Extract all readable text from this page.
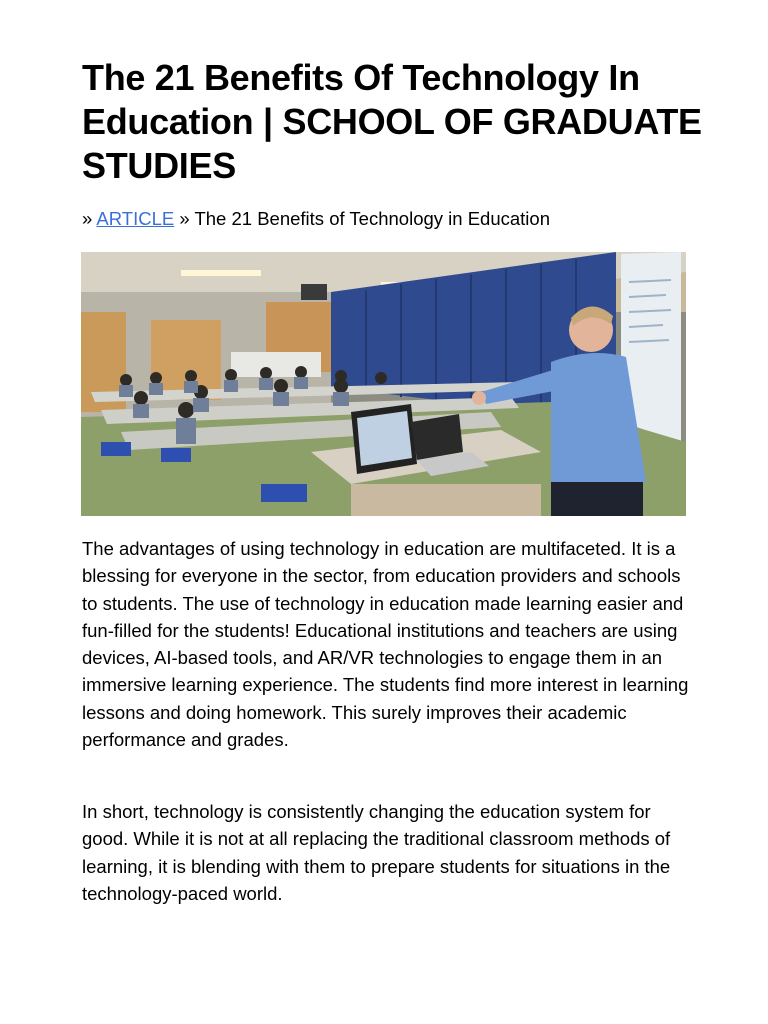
The 21 Benefits Of Technology In Education | SCHOOL OF GRADUATE STUDIES
» ARTICLE » The 21 Benefits of Technology in Education

The advantages of using technology in education are multifaceted. It is a blessing for everyone in the sector, from education providers and schools to students. The use of technology in education made learning easier and fun-filled for the students! Educational institutions and teachers are using devices, AI-based tools, and AR/VR technologies to engage them in an immersive learning experience. The students find more interest in learning lessons and doing homework. This surely improves their academic performance and grades.

In short, technology is consistently changing the education system for good. While it is not at all replacing the traditional classroom methods of learning, it is blending with them to prepare students for situations in the technology-paced world.
